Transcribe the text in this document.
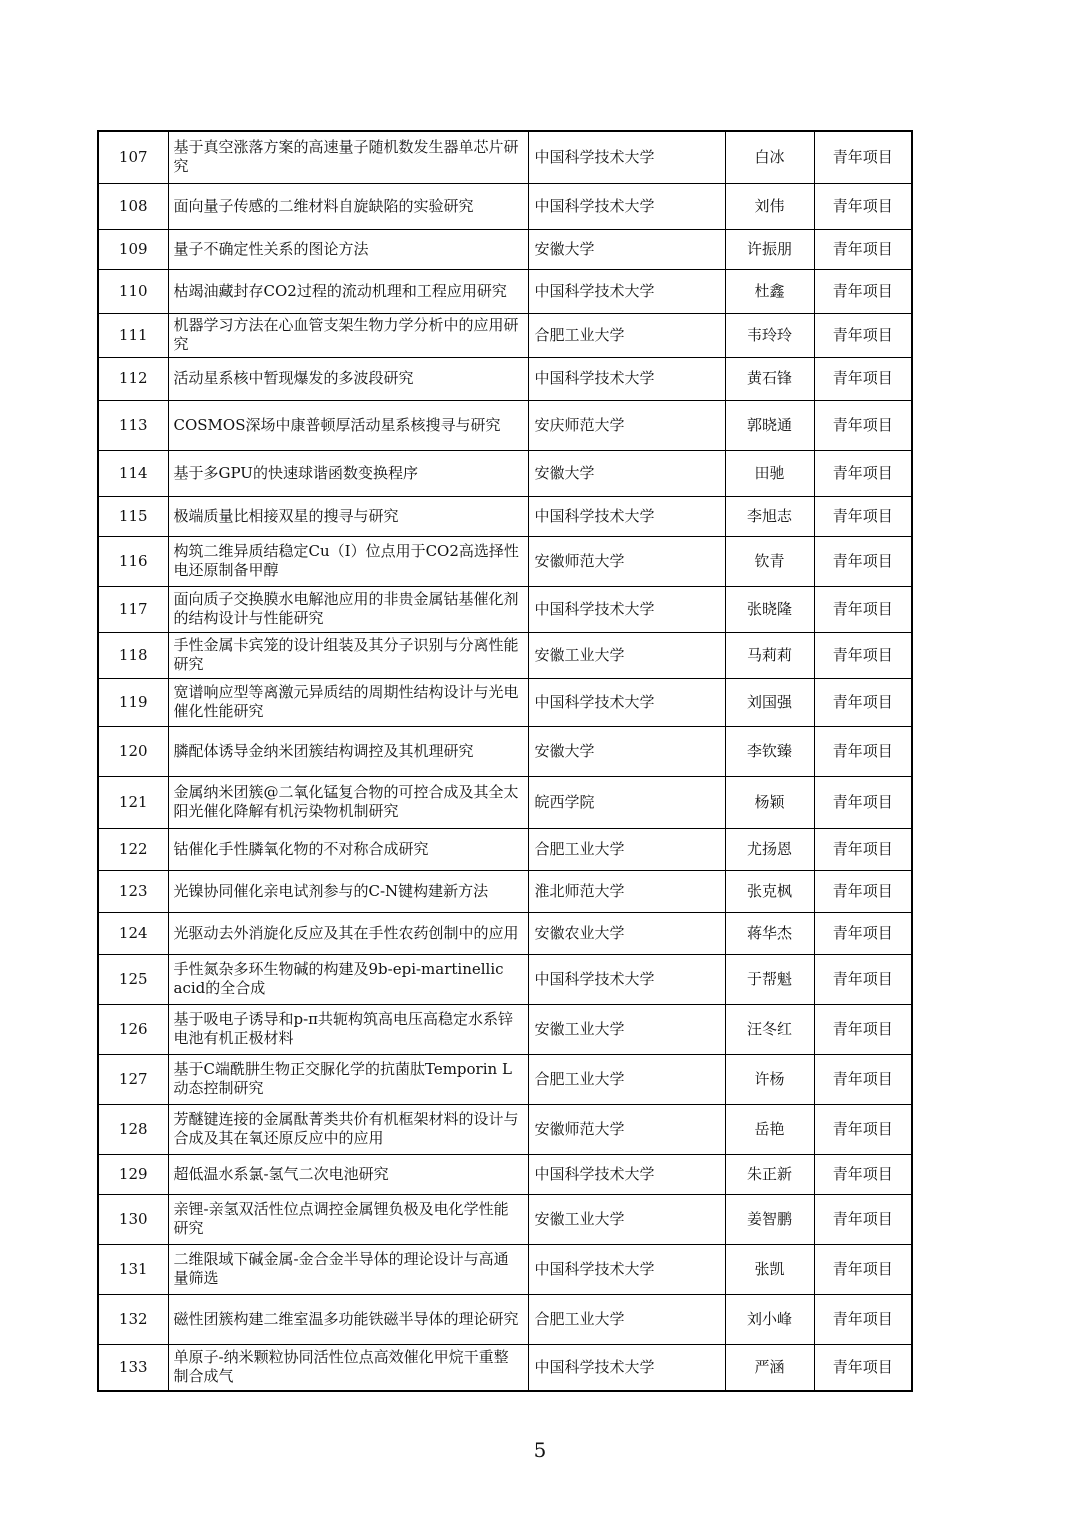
107	基于真空涨落方案的高速量子随机数发生器单芯片研究	中国科学技术大学	白冰	青年项目
108	面向量子传感的二维材料自旋缺陷的实验研究	中国科学技术大学	刘伟	青年项目
109	量子不确定性关系的图论方法	安徽大学	许振朋	青年项目
110	枯竭油藏封存CO2过程的流动机理和工程应用研究	中国科学技术大学	杜鑫	青年项目
111	机器学习方法在心血管支架生物力学分析中的应用研究	合肥工业大学	韦玲玲	青年项目
112	活动星系核中暂现爆发的多波段研究	中国科学技术大学	黄石锋	青年项目
113	COSMOS深场中康普顿厚活动星系核搜寻与研究	安庆师范大学	郭晓通	青年项目
114	基于多GPU的快速球谐函数变换程序	安徽大学	田驰	青年项目
115	极端质量比相接双星的搜寻与研究	中国科学技术大学	李旭志	青年项目
116	构筑二维异质结稳定Cu（I）位点用于CO2高选择性电还原制备甲醇	安徽师范大学	钦青	青年项目
117	面向质子交换膜水电解池应用的非贵金属钴基催化剂的结构设计与性能研究	中国科学技术大学	张晓隆	青年项目
118	手性金属卡宾笼的设计组装及其分子识别与分离性能研究	安徽工业大学	马莉莉	青年项目
119	宽谱响应型等离激元异质结的周期性结构设计与光电催化性能研究	中国科学技术大学	刘国强	青年项目
120	膦配体诱导金纳米团簇结构调控及其机理研究	安徽大学	李钦臻	青年项目
121	金属纳米团簇@二氧化锰复合物的可控合成及其全太阳光催化降解有机污染物机制研究	皖西学院	杨颖	青年项目
122	钴催化手性膦氧化物的不对称合成研究	合肥工业大学	尤扬恩	青年项目
123	光镍协同催化亲电试剂参与的C-N键构建新方法	淮北师范大学	张克枫	青年项目
124	光驱动去外消旋化反应及其在手性农药创制中的应用	安徽农业大学	蒋华杰	青年项目
125	手性氮杂多环生物碱的构建及9b-epi-martinellic acid的全合成	中国科学技术大学	于帮魁	青年项目
126	基于吸电子诱导和p-π共轭构筑高电压高稳定水系锌电池有机正极材料	安徽工业大学	汪冬红	青年项目
127	基于C端酰肼生物正交脲化学的抗菌肽Temporin L动态控制研究	合肥工业大学	许杨	青年项目
128	芳醚键连接的金属酞菁类共价有机框架材料的设计与合成及其在氧还原反应中的应用	安徽师范大学	岳艳	青年项目
129	超低温水系氯-氢气二次电池研究	中国科学技术大学	朱正新	青年项目
130	亲锂-亲氢双活性位点调控金属锂负极及电化学性能研究	安徽工业大学	姜智鹏	青年项目
131	二维限域下碱金属-金合金半导体的理论设计与高通量筛选	中国科学技术大学	张凯	青年项目
132	磁性团簇构建二维室温多功能铁磁半导体的理论研究	合肥工业大学	刘小峰	青年项目
133	单原子-纳米颗粒协同活性位点高效催化甲烷干重整制合成气	中国科学技术大学	严涵	青年项目
5
